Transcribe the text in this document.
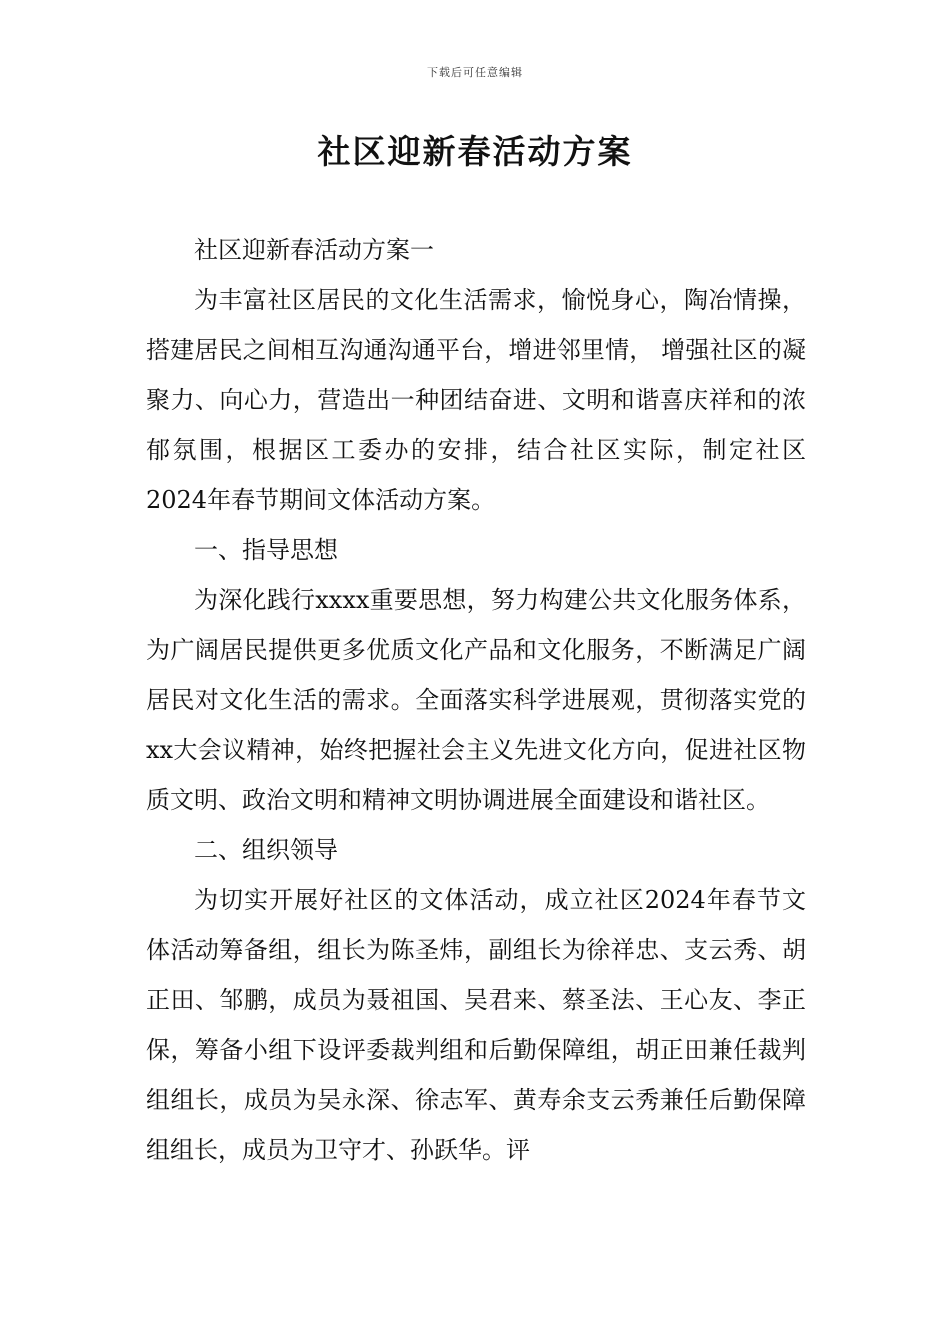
下载后可任意编辑
社区迎新春活动方案

社区迎新春活动方案一

为丰富社区居民的文化生活需求，愉悦身心，陶冶情操，搭建居民之间相互沟通沟通平台，增进邻里情， 增强社区的凝聚力、向心力，营造出一种团结奋进、文明和谐喜庆祥和的浓郁氛围，根据区工委办的安排，结合社区实际，制定社区2024年春节期间文体活动方案。

一、指导思想

为深化践行xxxx重要思想，努力构建公共文化服务体系，为广阔居民提供更多优质文化产品和文化服务，不断满足广阔居民对文化生活的需求。全面落实科学进展观，贯彻落实党的xx大会议精神，始终把握社会主义先进文化方向，促进社区物质文明、政治文明和精神文明协调进展全面建设和谐社区。

二、组织领导

为切实开展好社区的文体活动，成立社区2024年春节文体活动筹备组，组长为陈圣炜，副组长为徐祥忠、支云秀、胡正田、邹鹏，成员为聂祖国、吴君来、蔡圣法、王心友、李正保，筹备小组下设评委裁判组和后勤保障组，胡正田兼任裁判组组长，成员为吴永深、徐志军、黄寿余支云秀兼任后勤保障组组长，成员为卫守才、孙跃华。评
